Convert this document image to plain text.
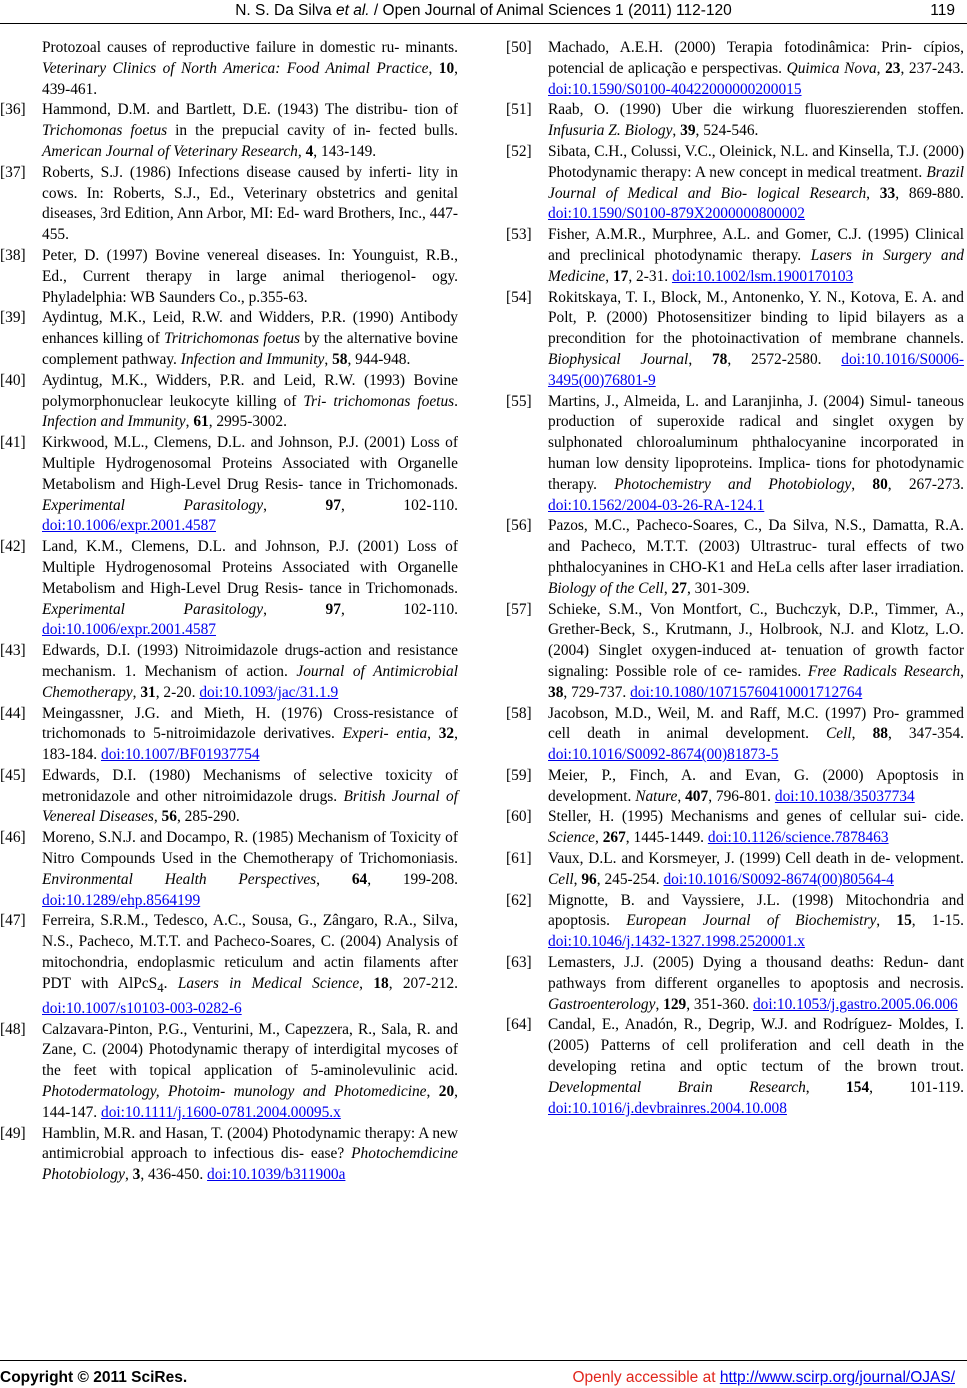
N. S. Da Silva et al. / Open Journal of Animal Sciences 1 (2011) 112-120	119
Protozoal causes of reproductive failure in domestic ru- minants. Veterinary Clinics of North America: Food Animal Practice, 10, 439-461.
[36] Hammond, D.M. and Bartlett, D.E. (1943) The distribu- tion of Trichomonas foetus in the prepucial cavity of in- fected bulls. American Journal of Veterinary Research, 4, 143-149.
[37] Roberts, S.J. (1986) Infections disease caused by inferti- lity in cows. In: Roberts, S.J., Ed., Veterinary obstetrics and genital diseases, 3rd Edition, Ann Arbor, MI: Ed- ward Brothers, Inc., 447-455.
[38] Peter, D. (1997) Bovine venereal diseases. In: Younguist, R.B., Ed., Current therapy in large animal theriogenol- ogy. Phyladelphia: WB Saunders Co., p.355-63.
[39] Aydintug, M.K., Leid, R.W. and Widders, P.R. (1990) Antibody enhances killing of Tritrichomonas foetus by the alternative bovine complement pathway. Infection and Immunity, 58, 944-948.
[40] Aydintug, M.K., Widders, P.R. and Leid, R.W. (1993) Bovine polymorphonuclear leukocyte killing of Tri- trichomonas foetus. Infection and Immunity, 61, 2995-3002.
[41] Kirkwood, M.L., Clemens, D.L. and Johnson, P.J. (2001) Loss of Multiple Hydrogenosomal Proteins Associated with Organelle Metabolism and High-Level Drug Resis- tance in Trichomonads. Experimental Parasitology, 97, 102-110. doi:10.1006/expr.2001.4587
[42] Land, K.M., Clemens, D.L. and Johnson, P.J. (2001) Loss of Multiple Hydrogenosomal Proteins Associated with Organelle Metabolism and High-Level Drug Resis- tance in Trichomonads. Experimental Parasitology, 97, 102-110. doi:10.1006/expr.2001.4587
[43] Edwards, D.I. (1993) Nitroimidazole drugs-action and resistance mechanism. 1. Mechanism of action. Journal of Antimicrobial Chemotherapy, 31, 2-20. doi:10.1093/jac/31.1.9
[44] Meingassner, J.G. and Mieth, H. (1976) Cross-resistance of trichomonads to 5-nitroimidazole derivatives. Experi- entia, 32, 183-184. doi:10.1007/BF01937754
[45] Edwards, D.I. (1980) Mechanisms of selective toxicity of metronidazole and other nitroimidazole drugs. British Journal of Venereal Diseases, 56, 285-290.
[46] Moreno, S.N.J. and Docampo, R. (1985) Mechanism of Toxicity of Nitro Compounds Used in the Chemotherapy of Trichomoniasis. Environmental Health Perspectives, 64, 199-208. doi:10.1289/ehp.8564199
[47] Ferreira, S.R.M., Tedesco, A.C., Sousa, G., Zângaro, R.A., Silva, N.S., Pacheco, M.T.T. and Pacheco-Soares, C. (2004) Analysis of mitochondria, endoplasmic reticulum and actin filaments after PDT with AlPcS$_4$. Lasers in Medical Science, 18, 207-212. doi:10.1007/s10103-003-0282-6
[48] Calzavara-Pinton, P.G., Venturini, M., Capezzera, R., Sala, R. and Zane, C. (2004) Photodynamic therapy of interdigital mycoses of the feet with topical application of 5-aminolevulinic acid. Photodermatology, Photoim- munology and Photomedicine, 20, 144-147. doi:10.1111/j.1600-0781.2004.00095.x
[49] Hamblin, M.R. and Hasan, T. (2004) Photodynamic therapy: A new antimicrobial approach to infectious dis- ease? Photochemdicine Photobiology, 3, 436-450. doi:10.1039/b311900a
[50] Machado, A.E.H. (2000) Terapia fotodinâmica: Prin- cípios, potencial de aplicação e perspectivas. Quimica Nova, 23, 237-243. doi:10.1590/S0100-40422000000200015
[51] Raab, O. (1990) Uber die wirkung fluoreszierenden stoffen. Infusuria Z. Biology, 39, 524-546.
[52] Sibata, C.H., Colussi, V.C., Oleinick, N.L. and Kinsella, T.J. (2000) Photodynamic therapy: A new concept in medical treatment. Brazil Journal of Medical and Bio- logical Research, 33, 869-880. doi:10.1590/S0100-879X2000000800002
[53] Fisher, A.M.R., Murphree, A.L. and Gomer, C.J. (1995) Clinical and preclinical photodynamic therapy. Lasers in Surgery and Medicine, 17, 2-31. doi:10.1002/lsm.1900170103
[54] Rokitskaya, T. I., Block, M., Antonenko, Y. N., Kotova, E. A. and Polt, P. (2000) Photosensitizer binding to lipid bilayers as a precondition for the photoinactivation of membrane channels. Biophysical Journal, 78, 2572-2580. doi:10.1016/S0006-3495(00)76801-9
[55] Martins, J., Almeida, L. and Laranjinha, J. (2004) Simul- taneous production of superoxide radical and singlet oxygen by sulphonated chloroaluminum phthalocyanine incorporated in human low density lipoproteins. Implica- tions for photodynamic therapy. Photochemistry and Photobiology, 80, 267-273. doi:10.1562/2004-03-26-RA-124.1
[56] Pazos, M.C., Pacheco-Soares, C., Da Silva, N.S., Damatta, R.A. and Pacheco, M.T.T. (2003) Ultrastruc- tural effects of two phthalocyanines in CHO-K1 and HeLa cells after laser irradiation. Biology of the Cell, 27, 301-309.
[57] Schieke, S.M., Von Montfort, C., Buchczyk, D.P., Timmer, A., Grether-Beck, S., Krutmann, J., Holbrook, N.J. and Klotz, L.O. (2004) Singlet oxygen-induced at- tenuation of growth factor signaling: Possible role of ce- ramides. Free Radicals Research, 38, 729-737. doi:10.1080/10715760410001712764
[58] Jacobson, M.D., Weil, M. and Raff, M.C. (1997) Pro- grammed cell death in animal development. Cell, 88, 347-354. doi:10.1016/S0092-8674(00)81873-5
[59] Meier, P., Finch, A. and Evan, G. (2000) Apoptosis in development. Nature, 407, 796-801. doi:10.1038/35037734
[60] Steller, H. (1995) Mechanisms and genes of cellular sui- cide. Science, 267, 1445-1449. doi:10.1126/science.7878463
[61] Vaux, D.L. and Korsmeyer, J. (1999) Cell death in de- velopment. Cell, 96, 245-254. doi:10.1016/S0092-8674(00)80564-4
[62] Mignotte, B. and Vayssiere, J.L. (1998) Mitochondria and apoptosis. European Journal of Biochemistry, 15, 1-15. doi:10.1046/j.1432-1327.1998.2520001.x
[63] Lemasters, J.J. (2005) Dying a thousand deaths: Redun- dant pathways from different organelles to apoptosis and necrosis. Gastroenterology, 129, 351-360. doi:10.1053/j.gastro.2005.06.006
[64] Candal, E., Anadón, R., Degrip, W.J. and Rodríguez- Moldes, I. (2005) Patterns of cell proliferation and cell death in the developing retina and optic tectum of the brown trout. Developmental Brain Research, 154, 101-119. doi:10.1016/j.devbrainres.2004.10.008
Copyright © 2011 SciRes.	Openly accessible at http://www.scirp.org/journal/OJAS/
